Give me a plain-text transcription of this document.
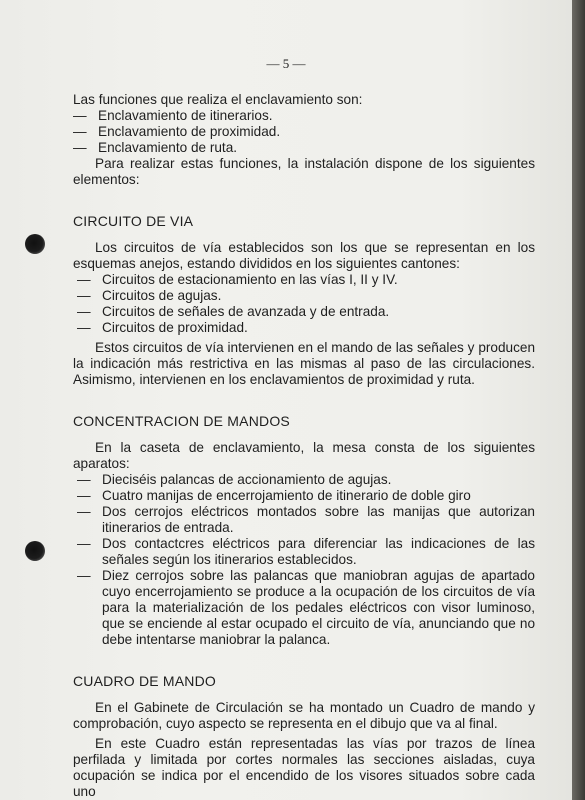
— 5 —

Las funciones que realiza el enclavamiento son:

— Enclavamiento de itinerarios.
— Enclavamiento de proximidad.
— Enclavamiento de ruta.

Para realizar estas funciones, la instalación dispone de los siguientes elementos:

CIRCUITO DE VIA

Los circuitos de vía establecidos son los que se representan en los esquemas anejos, estando divididos en los siguientes cantones:

— Circuitos de estacionamiento en las vías I, II y IV.
— Circuitos de agujas.
— Circuitos de señales de avanzada y de entrada.
— Circuitos de proximidad.

Estos circuitos de vía intervienen en el mando de las señales y producen la indicación más restrictiva en las mismas al paso de las circulaciones. Asimismo, intervienen en los enclavamientos de proximidad y ruta.

CONCENTRACION DE MANDOS

En la caseta de enclavamiento, la mesa consta de los siguientes aparatos:

— Dieciséis palancas de accionamiento de agujas.
— Cuatro manijas de encerrojamiento de itinerario de doble giro
— Dos cerrojos eléctricos montados sobre las manijas que autorizan itinerarios de entrada.
— Dos contactcres eléctricos para diferenciar las indicaciones de las señales según los itinerarios establecidos.
— Diez cerrojos sobre las palancas que maniobran agujas de apartado cuyo encerrojamiento se produce a la ocupación de los circuitos de vía para la materialización de los pedales eléctricos con visor luminoso, que se enciende al estar ocupado el circuito de vía, anunciando que no debe intentarse maniobrar la palanca.
CUADRO DE MANDO

En el Gabinete de Circulación se ha montado un Cuadro de mando y comprobación, cuyo aspecto se representa en el dibujo que va al final.

En este Cuadro están representadas las vías por trazos de línea perfilada y limitada por cortes normales las secciones aisladas, cuya ocupación se indica por el encendido de los visores situados sobre cada uno
